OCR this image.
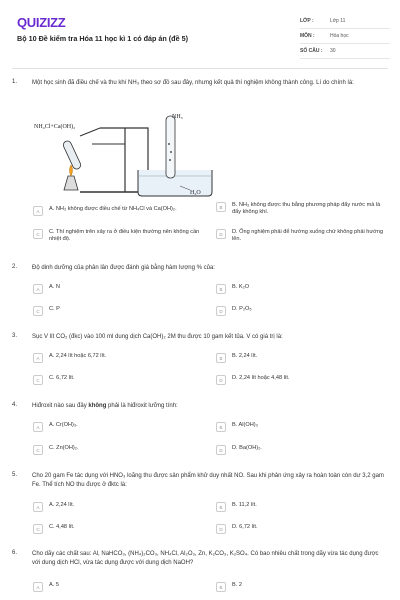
QUIZIZZ
Bộ 10 Đề kiểm tra Hóa 11 học kì 1 có đáp án (đề 5)
LỚP :	Lớp 11
MÔN :	Hóa học
SỐ CÂU :	30
1. Một học sinh đã điều chế và thu khí NH₃ theo sơ đồ sau đây, nhưng kết quả thí nghiệm không thành công. Lí do chính là:
NH₄Cl+Ca(OH)₂
NH₃
H₂O
A	A. NH₃ không được điều chế từ NH₄Cl và Ca(OH)₂.	B	B. NH₃ không được thu bằng phương pháp đẩy nước mà là đẩy không khí.
C	C. Thí nghiệm trên xảy ra ở điều kiện thường nên không cần nhiệt độ.
D	D. Ống nghiệm phải để hướng xuống chứ không phải hướng lên.
2. Độ dinh dưỡng của phân lân được đánh giá bằng hàm lượng % của:
A	A. N	B	B. K₂O
C	C. P	D	D. P₂O₅
3. Sục V lít CO₂ (đkc) vào 100 ml dung dịch Ca(OH)₂ 2M thu được 10 gam kết tủa. V có giá trị là:
A	A. 2,24 lít hoặc 6,72 lít.	B	B. 2,24 lít.
C	C. 6,72 lít.	D	D. 2,24 lít hoặc 4,48 lít.
4. Hiđroxit nào sau đây không phải là hiđroxit lưỡng tính:
A	A. Cr(OH)₃.	B	B. Al(OH)₃
C	C. Zn(OH)₂.	D	D. Ba(OH)₂.
5. Cho 20 gam Fe tác dụng với HNO₃ loãng thu được sản phẩm khử duy nhất NO. Sau khi phản ứng xảy ra hoàn toàn còn dư 3,2 gam Fe. Thể tích NO thu được ở đktc là:
A	A. 2,24 lít.	B	B. 11,2 lít.
C	C. 4,48 lít.	D	D. 6,72 lít.
6. Cho dãy các chất sau: Al, NaHCO₃, (NH₄)₂CO₃, NH₄Cl, Al₂O₃, Zn, K₂CO₃, K₂SO₄. Có bao nhiêu chất trong dãy vừa tác dụng được với dung dịch HCl, vừa tác dụng được với dung dịch NaOH?
A	A. 5	B	B. 2
